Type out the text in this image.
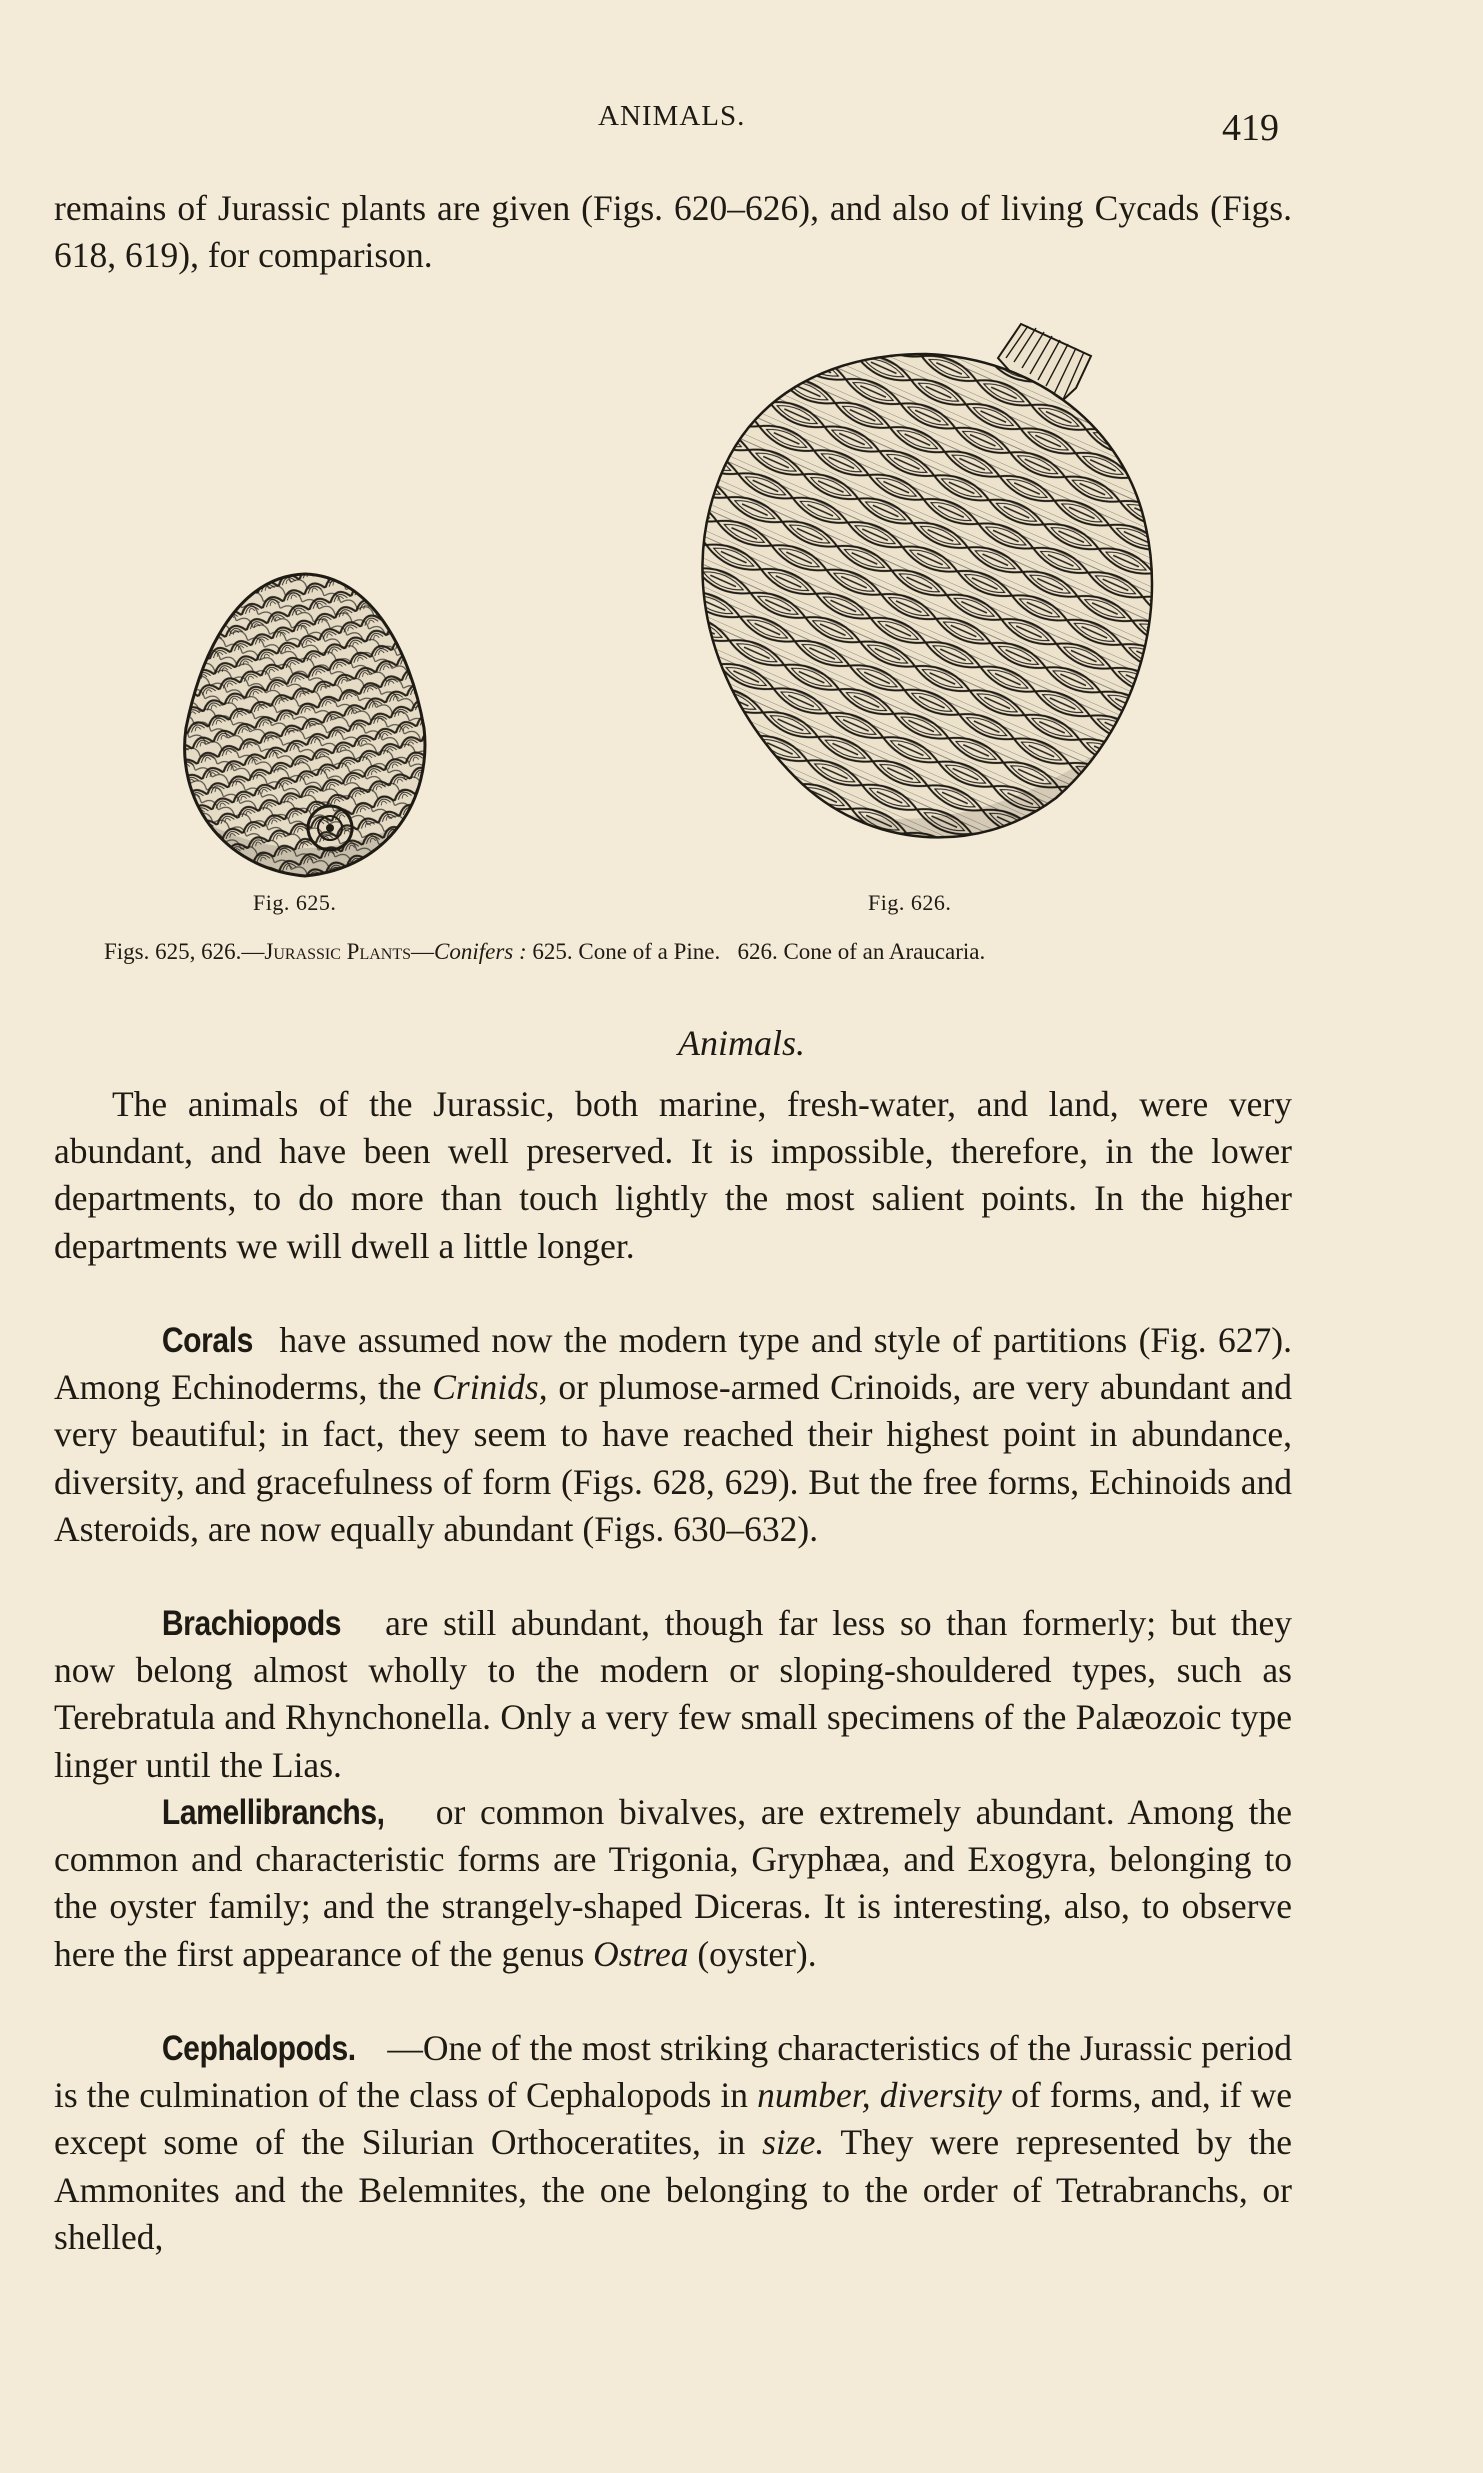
ANIMALS.	419

remains of Jurassic plants are given (Figs. 620–626), and also of living Cycads (Figs. 618, 619), for comparison.

Fig. 625.	Fig. 626.
Figs. 625, 626.—Jurassic Plants—Conifers : 625. Cone of a Pine.   626. Cone of an Araucaria.
Animals.

The animals of the Jurassic, both marine, fresh-water, and land, were very abundant, and have been well preserved. It is impossible, therefore, in the lower departments, to do more than touch lightly the most salient points. In the higher departments we will dwell a little longer.

Corals have assumed now the modern type and style of partitions (Fig. 627). Among Echinoderms, the Crinids, or plumose-armed Crinoids, are very abundant and very beautiful; in fact, they seem to have reached their highest point in abundance, diversity, and gracefulness of form (Figs. 628, 629). But the free forms, Echinoids and Asteroids, are now equally abundant (Figs. 630–632).

Brachiopods are still abundant, though far less so than formerly; but they now belong almost wholly to the modern or sloping-shouldered types, such as Terebratula and Rhynchonella. Only a very few small specimens of the Palæozoic type linger until the Lias.

Lamellibranchs, or common bivalves, are extremely abundant. Among the common and characteristic forms are Trigonia, Gryphæa, and Exogyra, belonging to the oyster family; and the strangely-shaped Diceras. It is interesting, also, to observe here the first appearance of the genus Ostrea (oyster).

Cephalopods. —One of the most striking characteristics of the Jurassic period is the culmination of the class of Cephalopods in number, diversity of forms, and, if we except some of the Silurian Orthoceratites, in size. They were represented by the Ammonites and the Belemnites, the one belonging to the order of Tetrabranchs, or shelled,
